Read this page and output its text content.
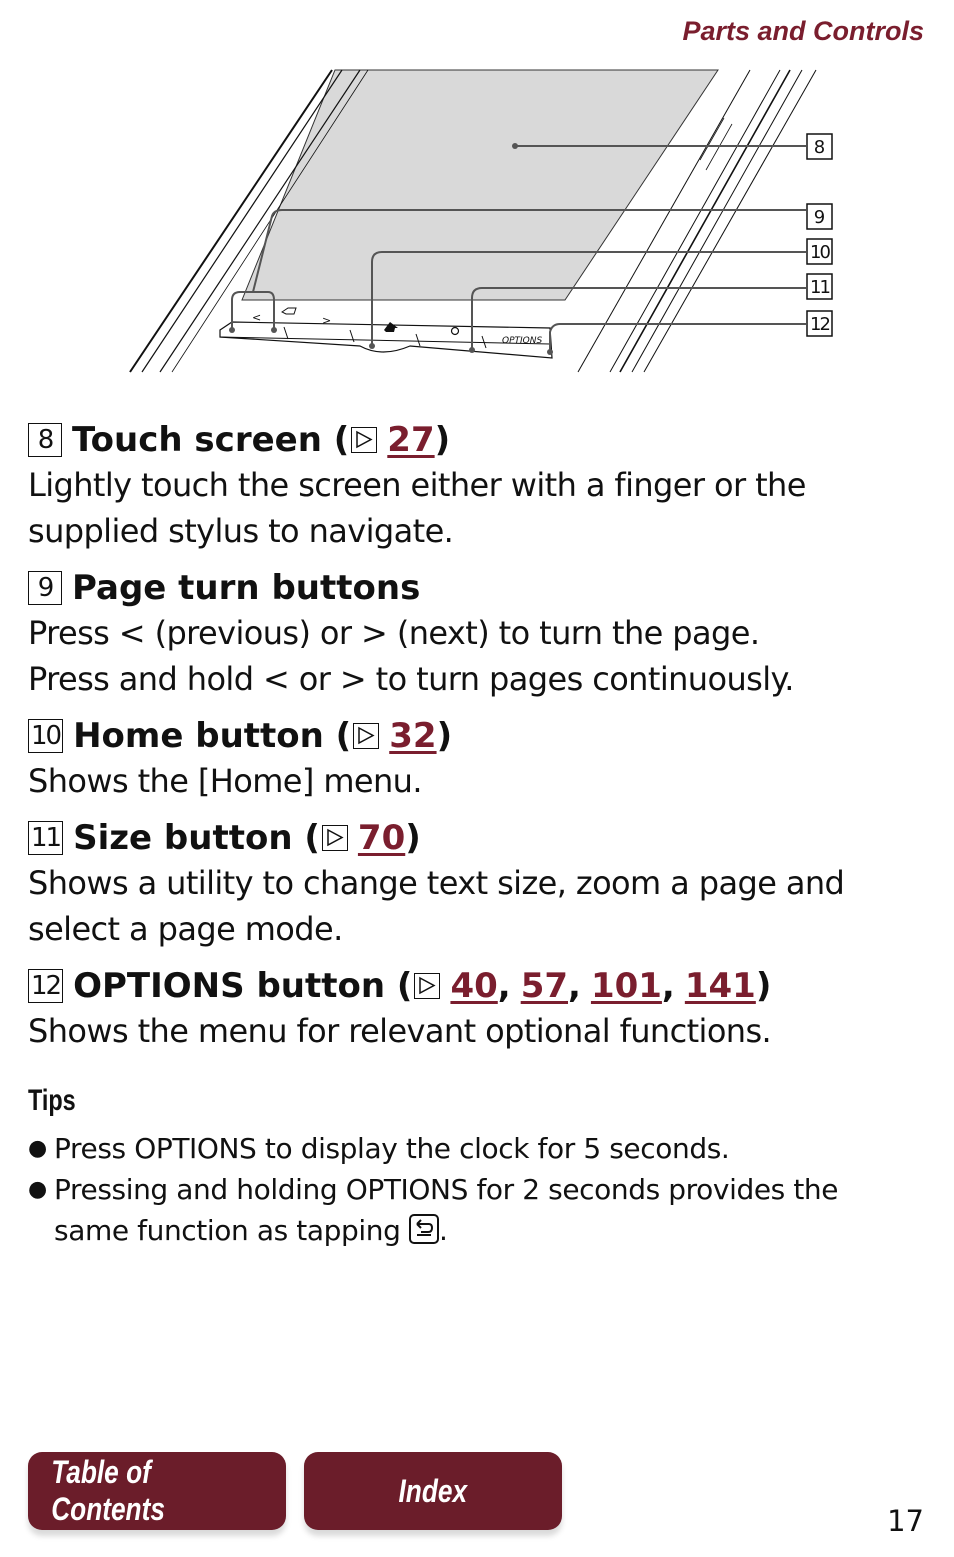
Parts and Controls
<	>
OPTIONS
8
9
10
11
12
8 Touch screen ( 27 )
Lightly touch the screen either with a finger or the
supplied stylus to navigate.
9 Page turn buttons
Press < (previous) or > (next) to turn the page.
Press and hold < or > to turn pages continuously.
10 Home button ( 32 )
Shows the [Home] menu.
11 Size button ( 70 )
Shows a utility to change text size, zoom a page and
select a page mode.
12 OPTIONS button ( 40 , 57 , 101 , 141 )
Shows the menu for relevant optional functions.
Tips
● Press OPTIONS to display the clock for 5 seconds.
● Pressing and holding OPTIONS for 2 seconds provides the
same function as tapping .
Table of Contents
Index
17
